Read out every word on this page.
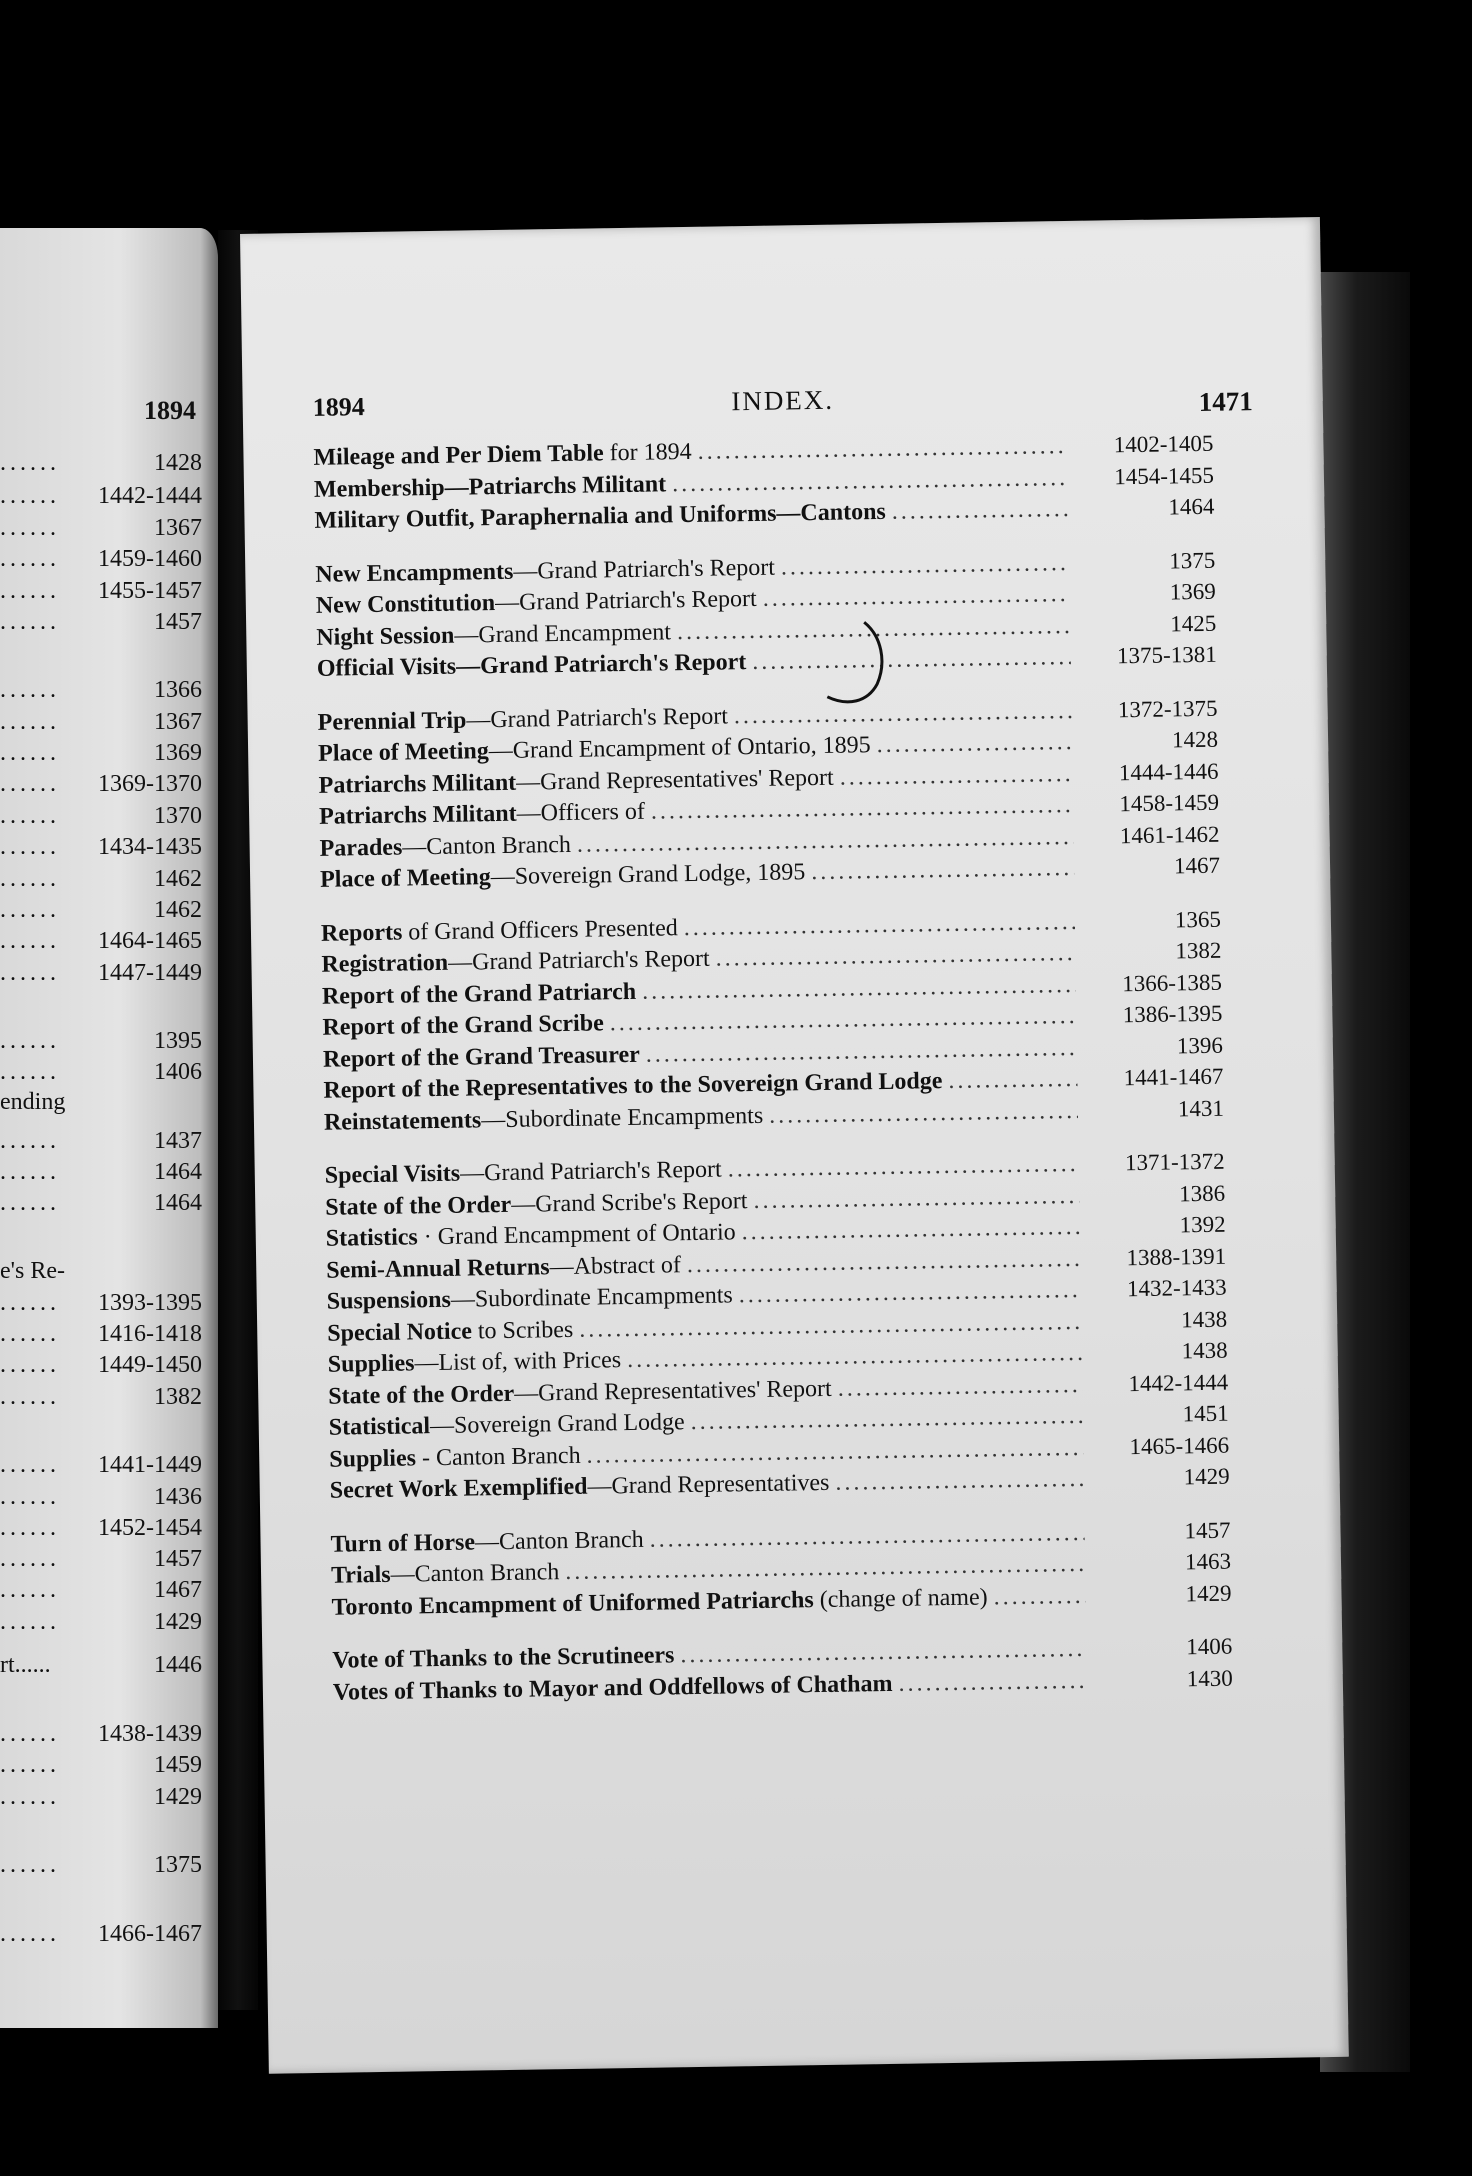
1894
......	1428
...... 1442-1444
......	1367
...... 1459-1460
...... 1455-1457
......	1457
......	1366
......	1367
......	1369
...... 1369-1370
......	1370
...... 1434-1435
......	1462
......	1462
...... 1464-1465
...... 1447-1449
......	1395
......	1406
ending
......	1437
......	1464
......	1464
e's Re-
...... 1393-1395
...... 1416-1418
...... 1449-1450
......	1382
...... 1441-1449
......	1436
...... 1452-1454
......	1457
......	1467
......	1429
rt......	1446
...... 1438-1439
......	1459
......	1429
......	1375
...... 1466-1467
1894	INDEX.	1471
Mileage and Per Diem Table for 1894 .....	1402-1405
Membership—Patriarchs Militant .....	1454-1455
Military Outfit, Paraphernalia and Uniforms—Cantons .....	1464
New Encampments—Grand Patriarch's Report .....	1375
New Constitution—Grand Patriarch's Report .....	1369
Night Session—Grand Encampment .....	1425
Official Visits—Grand Patriarch's Report .....	1375-1381
Perennial Trip—Grand Patriarch's Report .....	1372-1375
Place of Meeting—Grand Encampment of Ontario, 1895 .....	1428
Patriarchs Militant—Grand Representatives' Report .....	1444-1446
Patriarchs Militant—Officers of .....	1458-1459
Parades—Canton Branch .....	1461-1462
Place of Meeting—Sovereign Grand Lodge, 1895 .....	1467
Reports of Grand Officers Presented .....	1365
Registration—Grand Patriarch's Report .....	1382
Report of the Grand Patriarch .....	1366-1385
Report of the Grand Scribe .....	1386-1395
Report of the Grand Treasurer .....	1396
Report of the Representatives to the Sovereign Grand Lodge .....	1441-1467
Reinstatements—Subordinate Encampments .....	1431
Special Visits—Grand Patriarch's Report .....	1371-1372
State of the Order—Grand Scribe's Report .....	1386
Statistics · Grand Encampment of Ontario .....	1392
Semi-Annual Returns—Abstract of .....	1388-1391
Suspensions—Subordinate Encampments .....	1432-1433
Special Notice to Scribes .....	1438
Supplies—List of, with Prices .....	1438
State of the Order—Grand Representatives' Report .....	1442-1444
Statistical—Sovereign Grand Lodge .....	1451
Supplies - Canton Branch .....	1465-1466
Secret Work Exemplified—Grand Representatives .....	1429
Turn of Horse—Canton Branch .....	1457
Trials—Canton Branch .....	1463
Toronto Encampment of Uniformed Patriarchs (change of name) .....	1429
Vote of Thanks to the Scrutineers .....	1406
Votes of Thanks to Mayor and Oddfellows of Chatham .....	1430
